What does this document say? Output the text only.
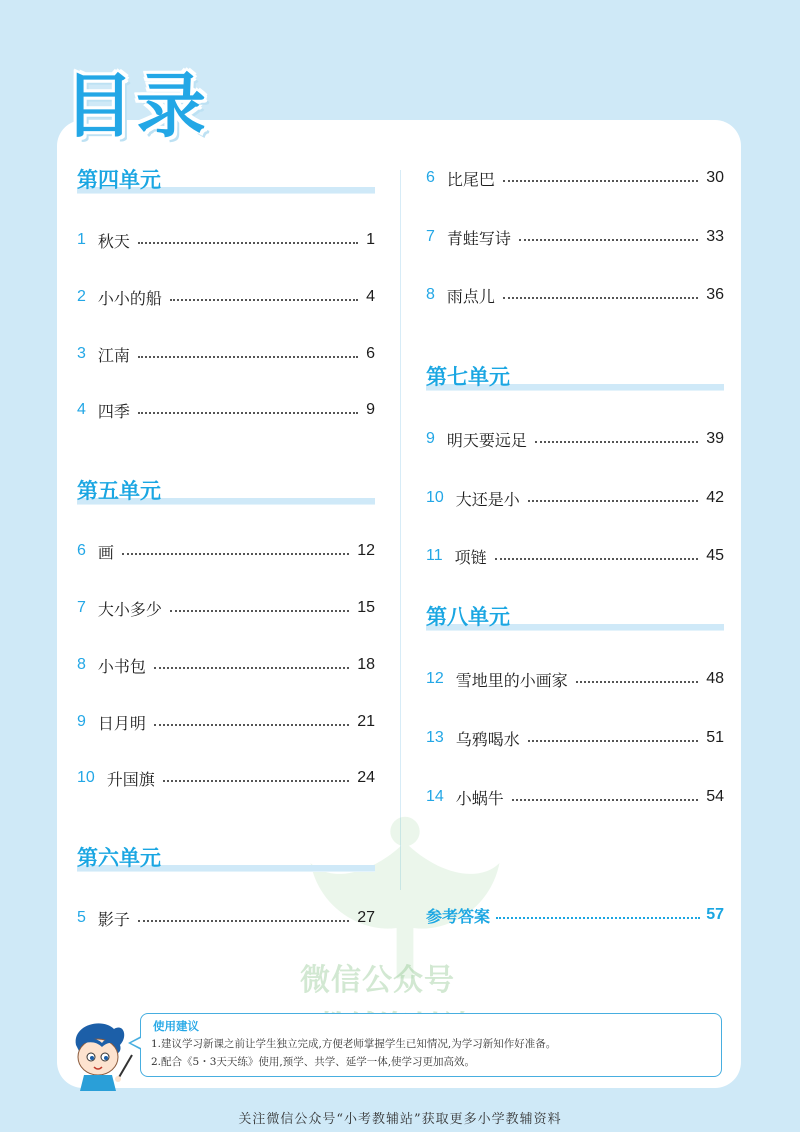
目录
微信公众号
第四单元
1 秋天	1
2 小小的船	4
3 江南	6
4 四季	9
第五单元
6 画	12
7 大小多少	15
8 小书包	18
9 日月明	21
10 升国旗	24
第六单元
5 影子	27
6 比尾巴	30
7 青蛙写诗	33
8 雨点儿	36
第七单元
9 明天要远足	39
10 大还是小	42
11 项链	45
第八单元
12 雪地里的小画家	48
13 乌鸦喝水	51
14 小蜗牛	54
参考答案	57
使用建议
1.建议学习新课之前让学生独立完成,方便老师掌握学生已知情况,为学习新知作好准备。
2.配合《5・3天天练》使用,预学、共学、延学一体,使学习更加高效。
关注微信公众号“小考教辅站”获取更多小学教辅资料
